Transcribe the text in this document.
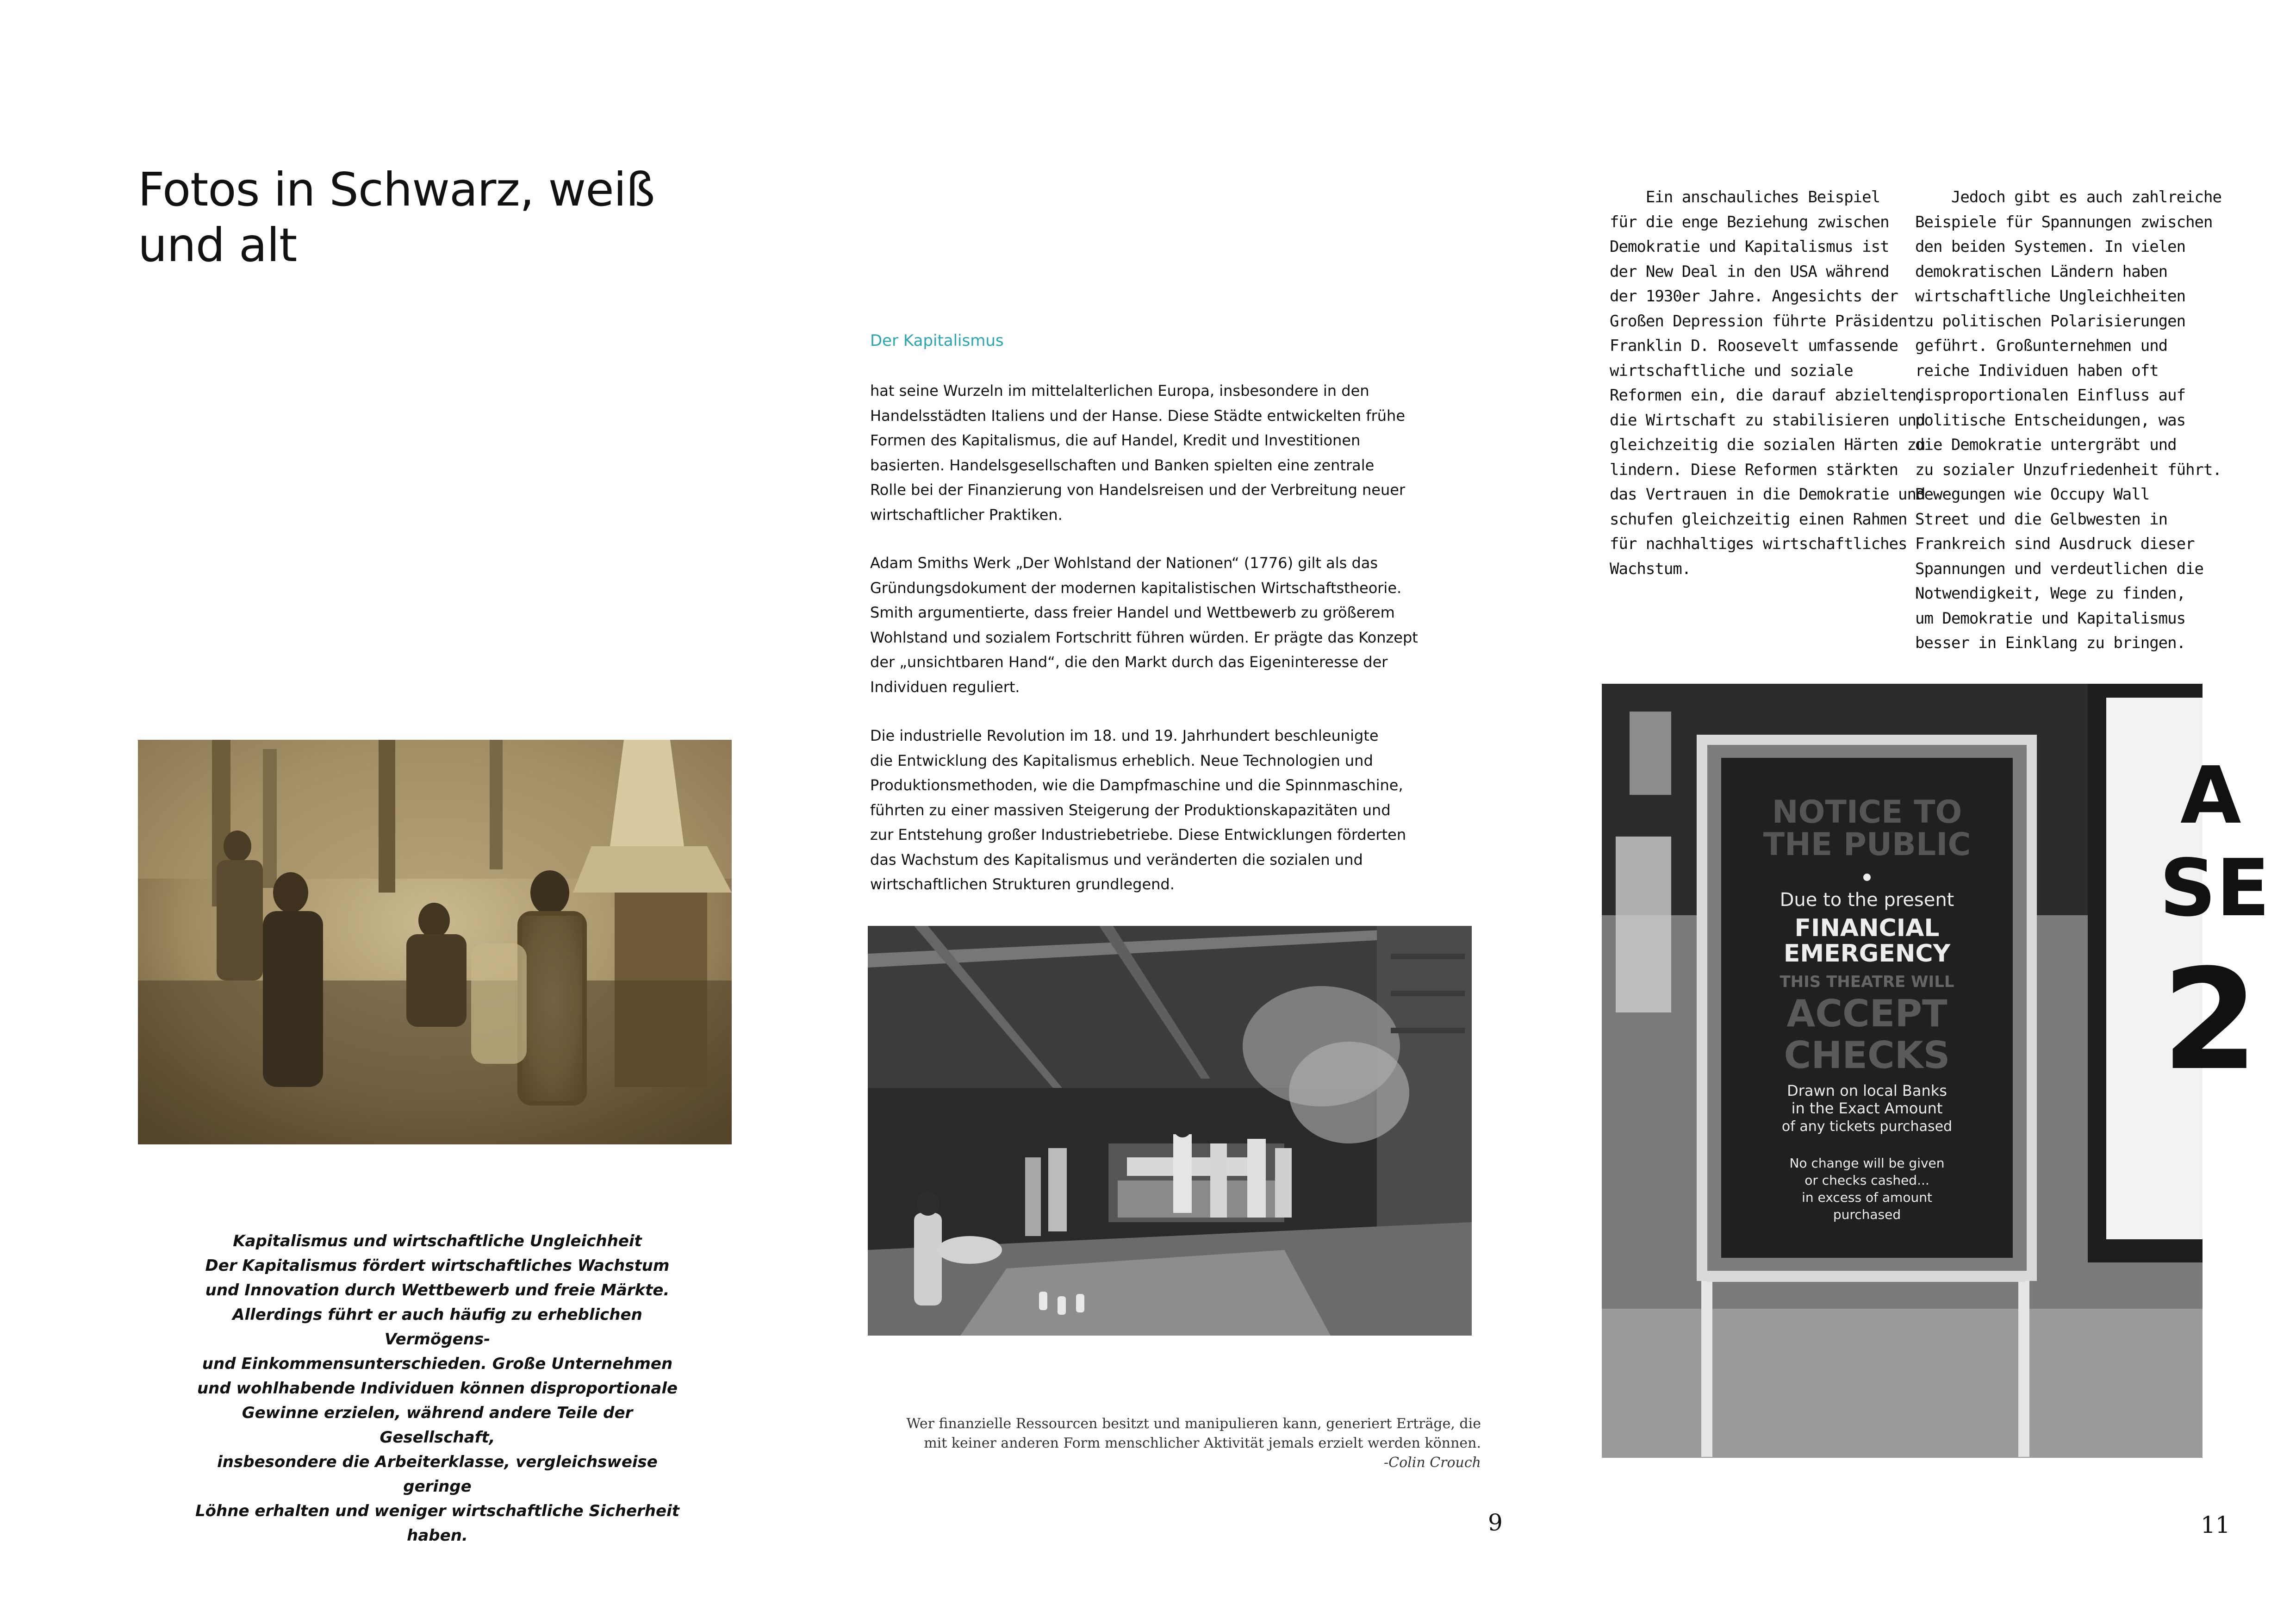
Fotos in Schwarz, weiß
und alt
Kapitalismus und wirtschaftliche Ungleichheit
Der Kapitalismus fördert wirtschaftliches Wachstum
und Innovation durch Wettbewerb und freie Märkte.
Allerdings führt er auch häufig zu erheblichen Vermögens-
und Einkommensunterschieden. Große Unternehmen
und wohlhabende Individuen können disproportionale
Gewinne erzielen, während andere Teile der Gesellschaft,
insbesondere die Arbeiterklasse, vergleichsweise geringe
Löhne erhalten und weniger wirtschaftliche Sicherheit
haben.
Der Kapitalismus
hat seine Wurzeln im mittelalterlichen Europa, insbesondere in den
Handelsstädten Italiens und der Hanse. Diese Städte entwickelten frühe
Formen des Kapitalismus, die auf Handel, Kredit und Investitionen
basierten. Handelsgesellschaften und Banken spielten eine zentrale
Rolle bei der Finanzierung von Handelsreisen und der Verbreitung neuer
wirtschaftlicher Praktiken.
Adam Smiths Werk „Der Wohlstand der Nationen“ (1776) gilt als das
Gründungsdokument der modernen kapitalistischen Wirtschaftstheorie.
Smith argumentierte, dass freier Handel und Wettbewerb zu größerem
Wohlstand und sozialem Fortschritt führen würden. Er prägte das Konzept
der „unsichtbaren Hand“, die den Markt durch das Eigeninteresse der
Individuen reguliert.
Die industrielle Revolution im 18. und 19. Jahrhundert beschleunigte
die Entwicklung des Kapitalismus erheblich. Neue Technologien und
Produktionsmethoden, wie die Dampfmaschine und die Spinnmaschine,
führten zu einer massiven Steigerung der Produktionskapazitäten und
zur Entstehung großer Industriebetriebe. Diese Entwicklungen förderten
das Wachstum des Kapitalismus und veränderten die sozialen und
wirtschaftlichen Strukturen grundlegend.
Wer finanzielle Ressourcen besitzt und manipulieren kann, generiert Erträge, die
mit keiner anderen Form menschlicher Aktivität jemals erzielt werden können.
-Colin Crouch
9
Ein anschauliches Beispiel
für die enge Beziehung zwischen
Demokratie und Kapitalismus ist
der New Deal in den USA während
der 1930er Jahre. Angesichts der
Großen Depression führte Präsident
Franklin D. Roosevelt umfassende
wirtschaftliche und soziale
Reformen ein, die darauf abzielten,
die Wirtschaft zu stabilisieren und
gleichzeitig die sozialen Härten zu
lindern. Diese Reformen stärkten
das Vertrauen in die Demokratie und
schufen gleichzeitig einen Rahmen
für nachhaltiges wirtschaftliches
Wachstum.
Jedoch gibt es auch zahlreiche
Beispiele für Spannungen zwischen
den beiden Systemen. In vielen
demokratischen Ländern haben
wirtschaftliche Ungleichheiten
zu politischen Polarisierungen
geführt. Großunternehmen und
reiche Individuen haben oft
disproportionalen Einfluss auf
politische Entscheidungen, was
die Demokratie untergräbt und
zu sozialer Unzufriedenheit führt.
Bewegungen wie Occupy Wall
Street und die Gelbwesten in
Frankreich sind Ausdruck dieser
Spannungen und verdeutlichen die
Notwendigkeit, Wege zu finden,
um Demokratie und Kapitalismus
besser in Einklang zu bringen.
A
SE
2
NOTICE TO
THE PUBLIC
Due to the present
FINANCIAL
EMERGENCY
THIS THEATRE WILL
ACCEPT
CHECKS
Drawn on local Banks
in the Exact Amount
of any tickets purchased
No change will be given
or checks cashed...
in excess of amount
purchased
11
